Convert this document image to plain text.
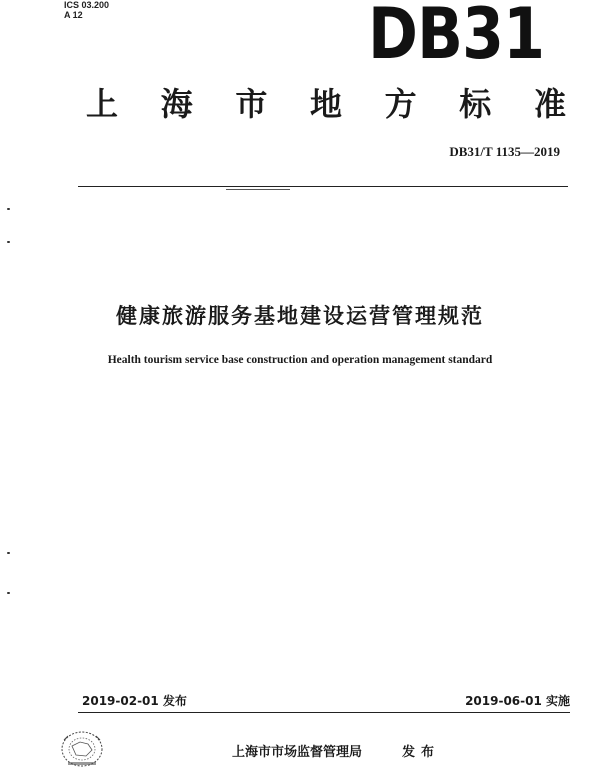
ICS 03.200
A 12	DB31
上 海 市 地 方 标 准
DB31/T 1135—2019
健康旅游服务基地建设运营管理规范
Health tourism service base construction and operation management standard
2019-02-01 发布	2019-06-01 实施
上海市市场监督管理局	发布
